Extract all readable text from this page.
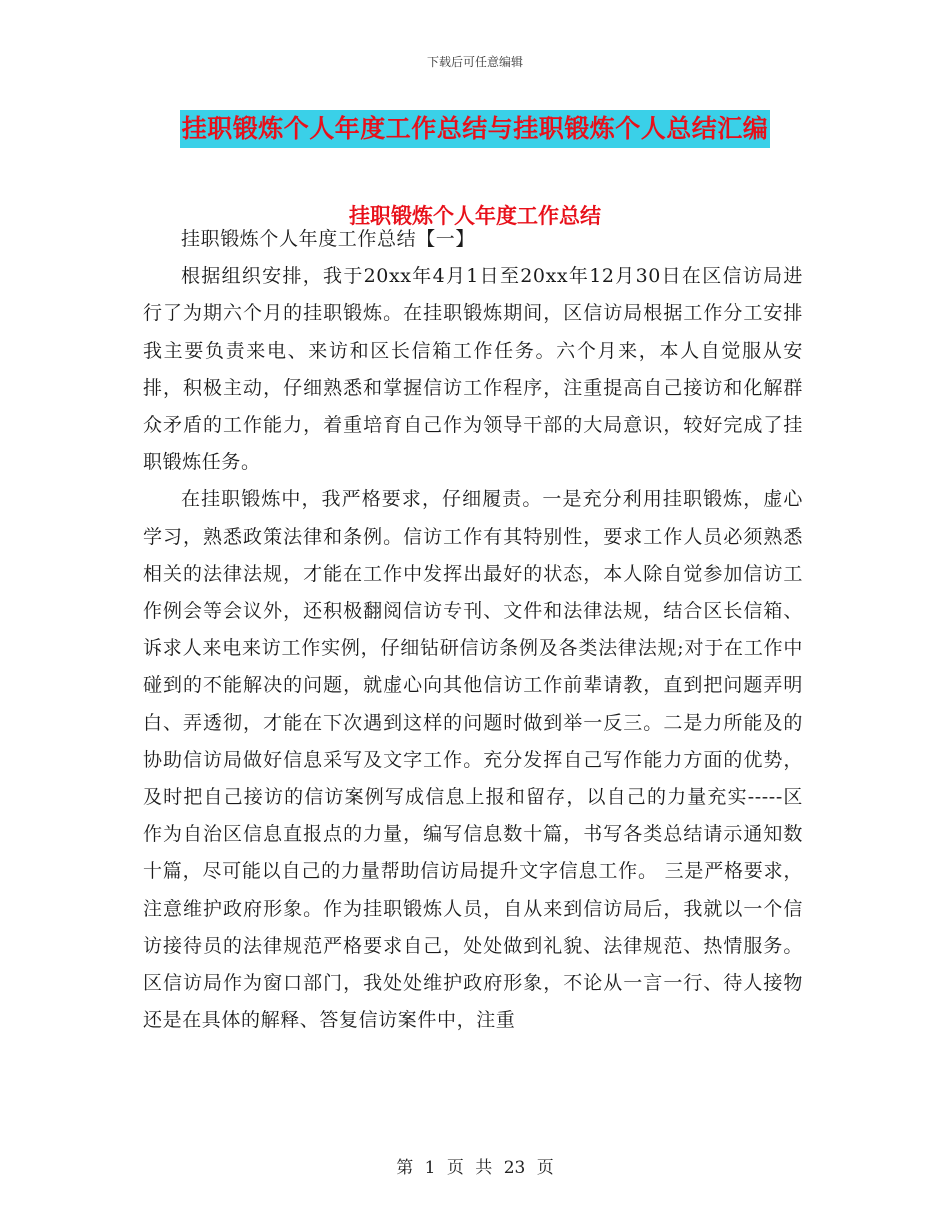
下载后可任意编辑
挂职锻炼个人年度工作总结与挂职锻炼个人总结汇编
挂职锻炼个人年度工作总结

挂职锻炼个人年度工作总结【一】

根据组织安排，我于20xx年4月1日至20xx年12月30日在区信访局进行了为期六个月的挂职锻炼。在挂职锻炼期间，区信访局根据工作分工安排我主要负责来电、来访和区长信箱工作任务。六个月来，本人自觉服从安排，积极主动，仔细熟悉和掌握信访工作程序，注重提高自己接访和化解群众矛盾的工作能力，着重培育自己作为领导干部的大局意识，较好完成了挂职锻炼任务。

在挂职锻炼中，我严格要求，仔细履责。一是充分利用挂职锻炼，虚心学习，熟悉政策法律和条例。信访工作有其特别性，要求工作人员必须熟悉相关的法律法规，才能在工作中发挥出最好的状态，本人除自觉参加信访工作例会等会议外，还积极翻阅信访专刊、文件和法律法规，结合区长信箱、诉求人来电来访工作实例，仔细钻研信访条例及各类法律法规;对于在工作中碰到的不能解决的问题，就虚心向其他信访工作前辈请教，直到把问题弄明白、弄透彻，才能在下次遇到这样的问题时做到举一反三。二是力所能及的协助信访局做好信息采写及文字工作。充分发挥自己写作能力方面的优势，及时把自己接访的信访案例写成信息上报和留存，以自己的力量充实-----区作为自治区信息直报点的力量，编写信息数十篇，书写各类总结请示通知数十篇，尽可能以自己的力量帮助信访局提升文字信息工作。 三是严格要求，注意维护政府形象。作为挂职锻炼人员，自从来到信访局后，我就以一个信访接待员的法律规范严格要求自己，处处做到礼貌、法律规范、热情服务。区信访局作为窗口部门，我处处维护政府形象，不论从一言一行、待人接物还是在具体的解释、答复信访案件中，注重

第 1 页 共 23 页
